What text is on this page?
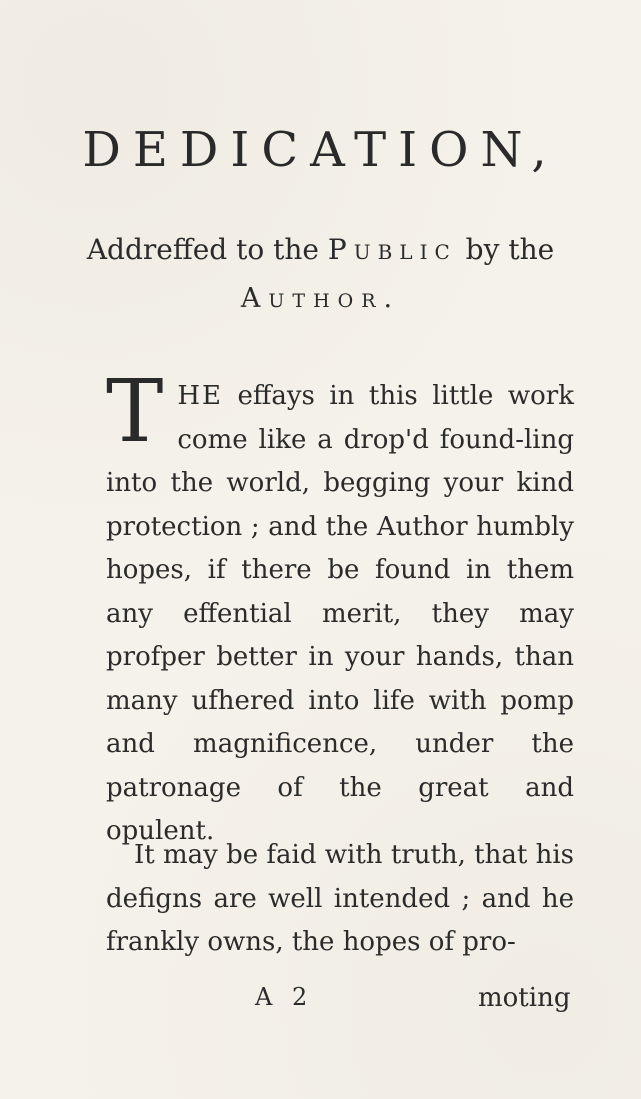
DEDICATION,
Addreffed to the Public by the
Author.
THE effays in this little work come like a drop'd found-ling into the world, begging your kind protection ; and the Author humbly hopes, if there be found in them any effential merit, they may profper better in your hands, than many ufhered into life with pomp and magnificence, under the patronage of the great and opulent.
It may be faid with truth, that his defigns are well intended ; and he frankly owns, the hopes of pro-
A 2	moting
